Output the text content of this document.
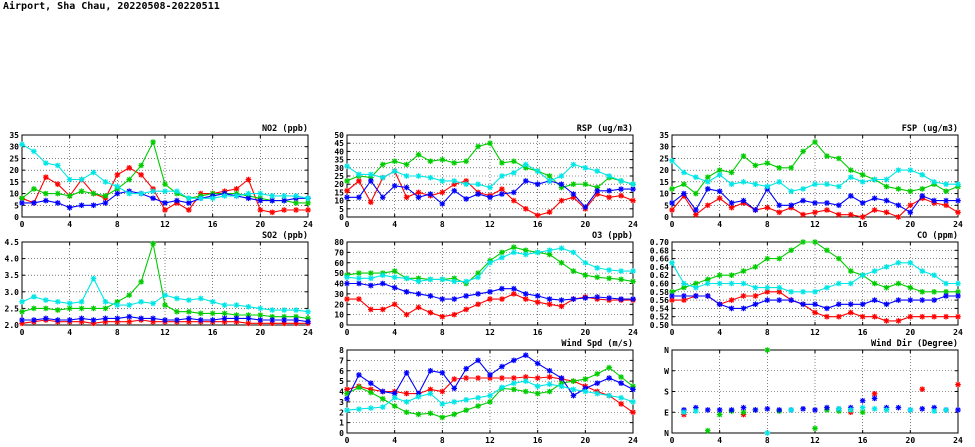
Airport, Sha Chau, 20220508-20220511
0	4	8	12	16	20	24
0
5
10
15
20
25
30
35
NO2 (ppb)
0	4	8	12	16	20	24
2.0
2.5
3.0
3.5
4.0
4.5
SO2 (ppb)
0	4	8	12	16	20	24
0
5
10
15
20
25
30
35
40
45
50
RSP (ug/m3)
0	4	8	12	16	20	24
0
10
20
30
40
50
60
70
80
O3 (ppb)
0	4	8	12	16	20	24
0
5
10
15
20
25
30
35
FSP (ug/m3)
0	4	8	12	16	20	24
0.50
0.52
0.54
0.56
0.58
0.60
0.62
0.64
0.66
0.68
0.70
CO (ppm)
0	4	8	12	16	20	24
0
1
2
3
4
5
6
7
8
Wind Spd (m/s)
0	4	8	12	16	20	24
N
E
S
W
N
Wind Dir (Degree)
